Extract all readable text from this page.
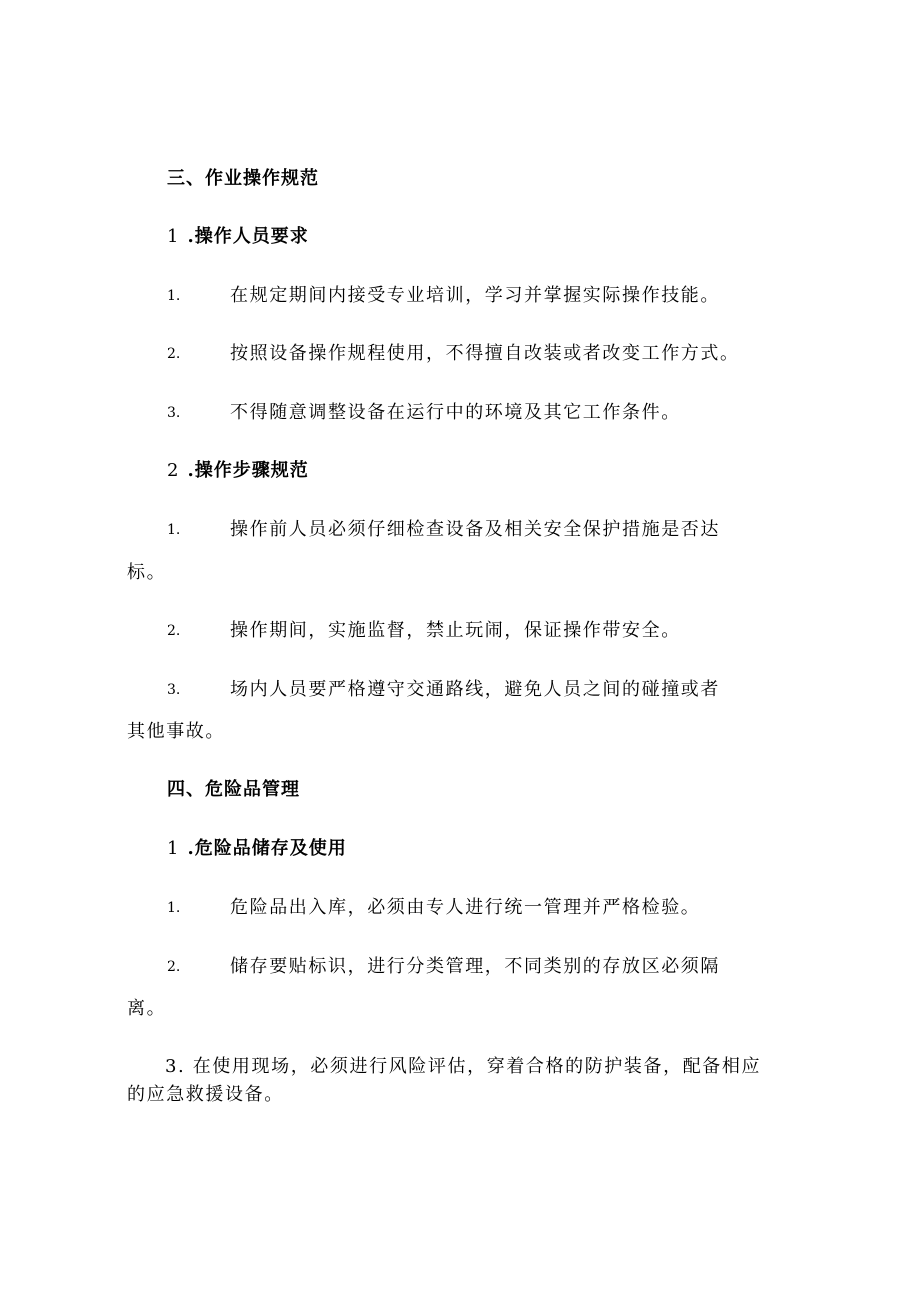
三、作业操作规范
1 .操作人员要求
1.	在规定期间内接受专业培训，学习并掌握实际操作技能。
2.	按照设备操作规程使用，不得擅自改装或者改变工作方式。
3.	不得随意调整设备在运行中的环境及其它工作条件。
2 .操作步骤规范
1.	操作前人员必须仔细检查设备及相关安全保护措施是否达
标。
2.	操作期间，实施监督，禁止玩闹，保证操作带安全。
3.	场内人员要严格遵守交通路线，避免人员之间的碰撞或者
其他事故。
四、危险品管理
1 .危险品储存及使用
1.	危险品出入库，必须由专人进行统一管理并严格检验。
2.	储存要贴标识，进行分类管理，不同类别的存放区必须隔
离。
3. 在使用现场，必须进行风险评估，穿着合格的防护装备，配备相应
的应急救援设备。
